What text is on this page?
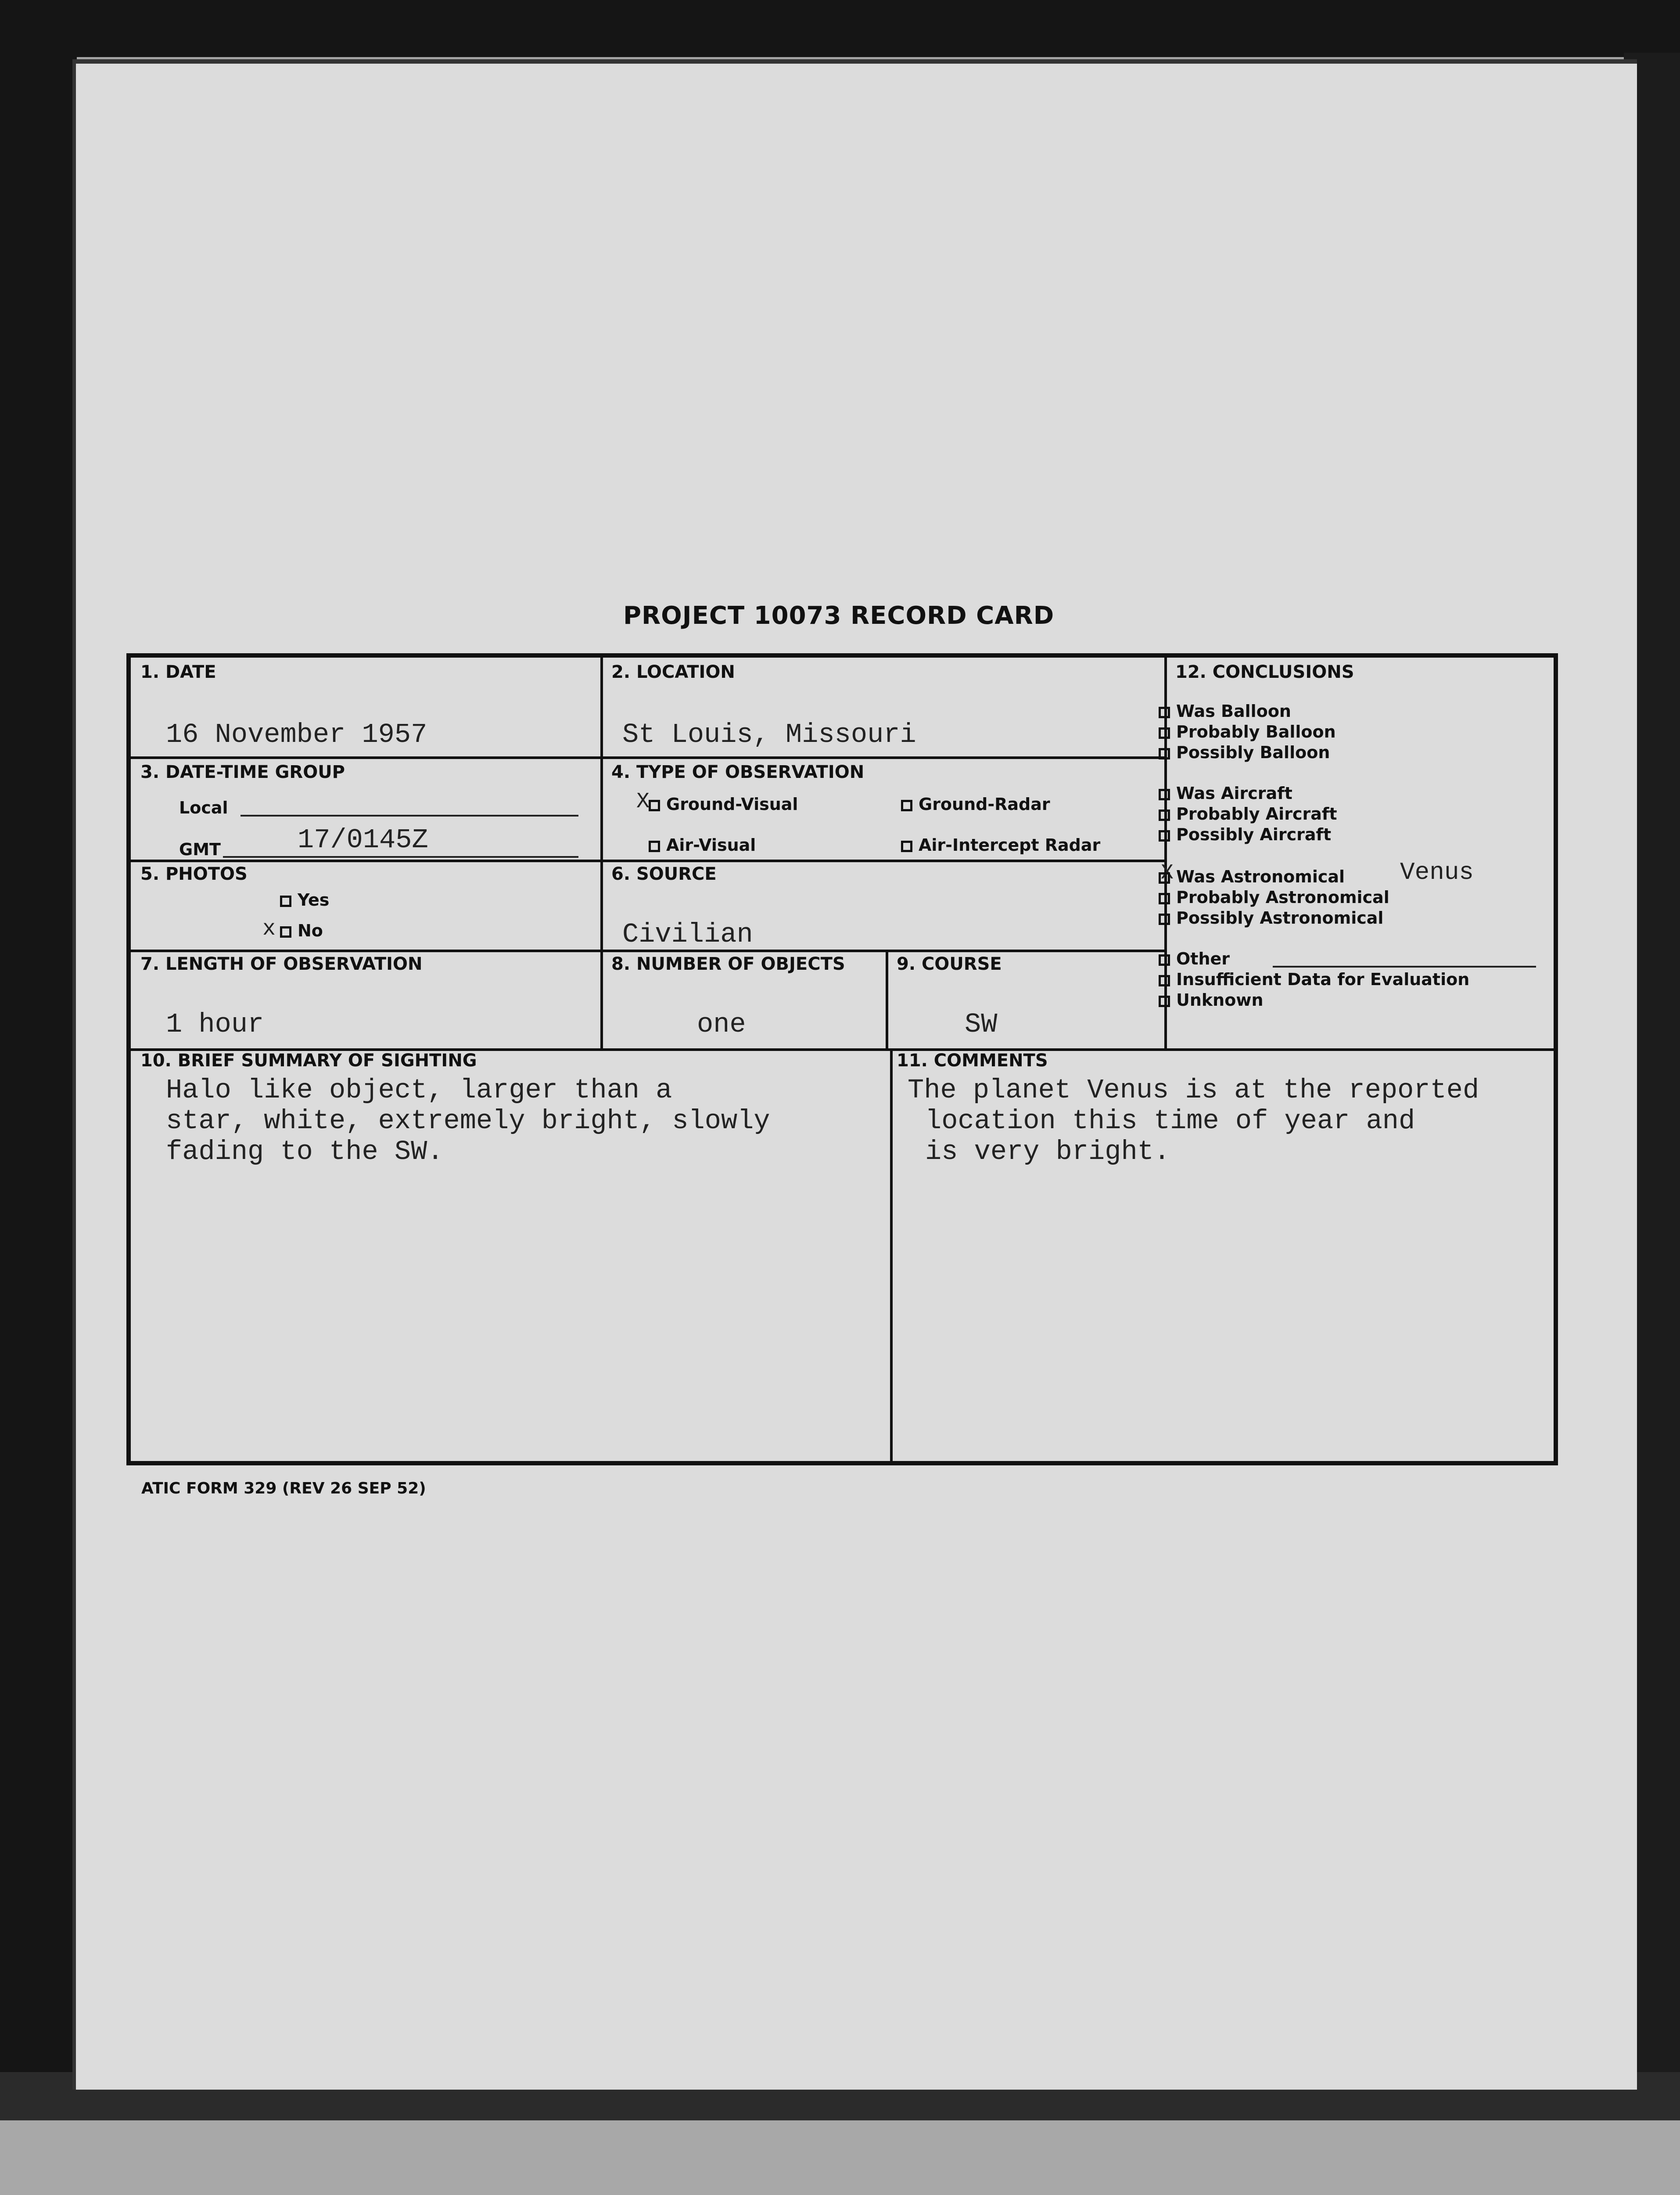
PROJECT 10073 RECORD CARD
1. DATE
16 November 1957
2. LOCATION
St Louis, Missouri
3. DATE-TIME GROUP
Local
GMT	17/0145Z
4. TYPE OF OBSERVATION
X Ground-Visual	Ground-Radar
Air-Visual	Air-Intercept Radar
5. PHOTOS
Yes
x	No
6. SOURCE
Civilian
7. LENGTH OF OBSERVATION
1 hour
8. NUMBER OF OBJECTS
one
9. COURSE
SW
10. BRIEF SUMMARY OF SIGHTING
Halo like object, larger than a
star, white, extremely bright, slowly
fading to the SW.
11. COMMENTS
The planet Venus is at the reported
location this time of year and
is very bright.
12. CONCLUSIONS
Was Balloon
Probably Balloon
Possibly Balloon
Was Aircraft
Probably Aircraft
Possibly Aircraft
X Was Astronomical Venus
Probably Astronomical
Possibly Astronomical
Other
Insufficient Data for Evaluation
Unknown
ATIC FORM 329 (REV 26 SEP 52)
